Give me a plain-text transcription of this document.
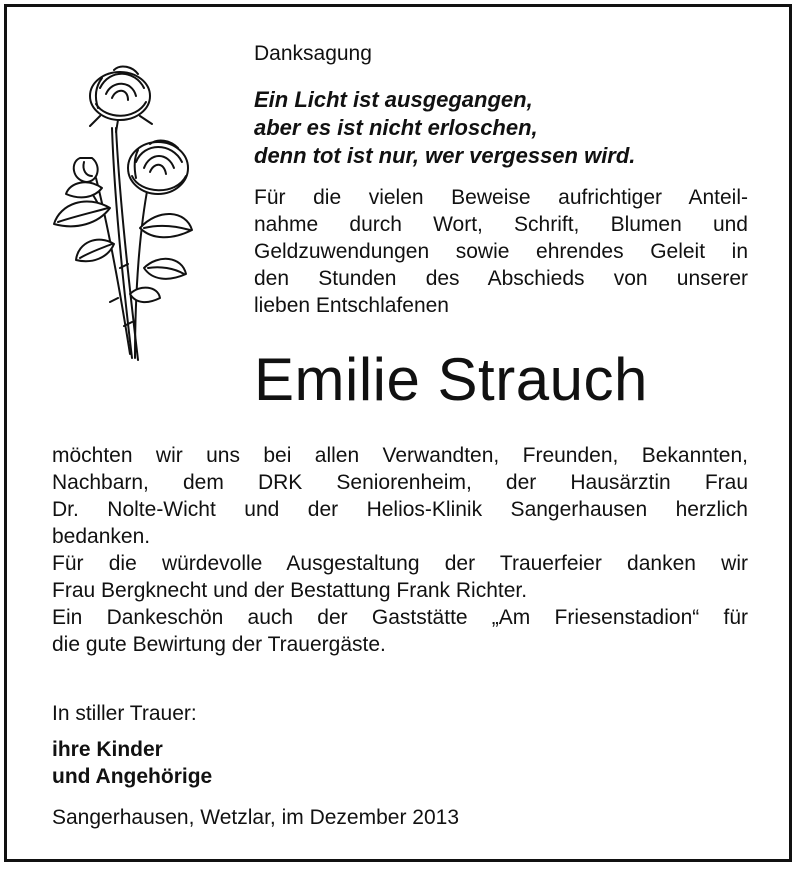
Danksagung
Ein Licht ist ausgegangen,
aber es ist nicht erloschen,
denn tot ist nur, wer vergessen wird.
Für die vielen Beweise aufrichtiger Anteil-
nahme durch Wort, Schrift, Blumen und
Geldzuwendungen sowie ehrendes Geleit in
den Stunden des Abschieds von unserer
lieben Entschlafenen
Emilie Strauch
möchten wir uns bei allen Verwandten, Freunden, Bekannten,
Nachbarn, dem DRK Seniorenheim, der Hausärztin Frau
Dr. Nolte-Wicht und der Helios-Klinik Sangerhausen herzlich
bedanken.
Für die würdevolle Ausgestaltung der Trauerfeier danken wir
Frau Bergknecht und der Bestattung Frank Richter.
Ein Dankeschön auch der Gaststätte „Am Friesenstadion“ für
die gute Bewirtung der Trauergäste.
In stiller Trauer:
ihre Kinder
und Angehörige
Sangerhausen, Wetzlar, im Dezember 2013
